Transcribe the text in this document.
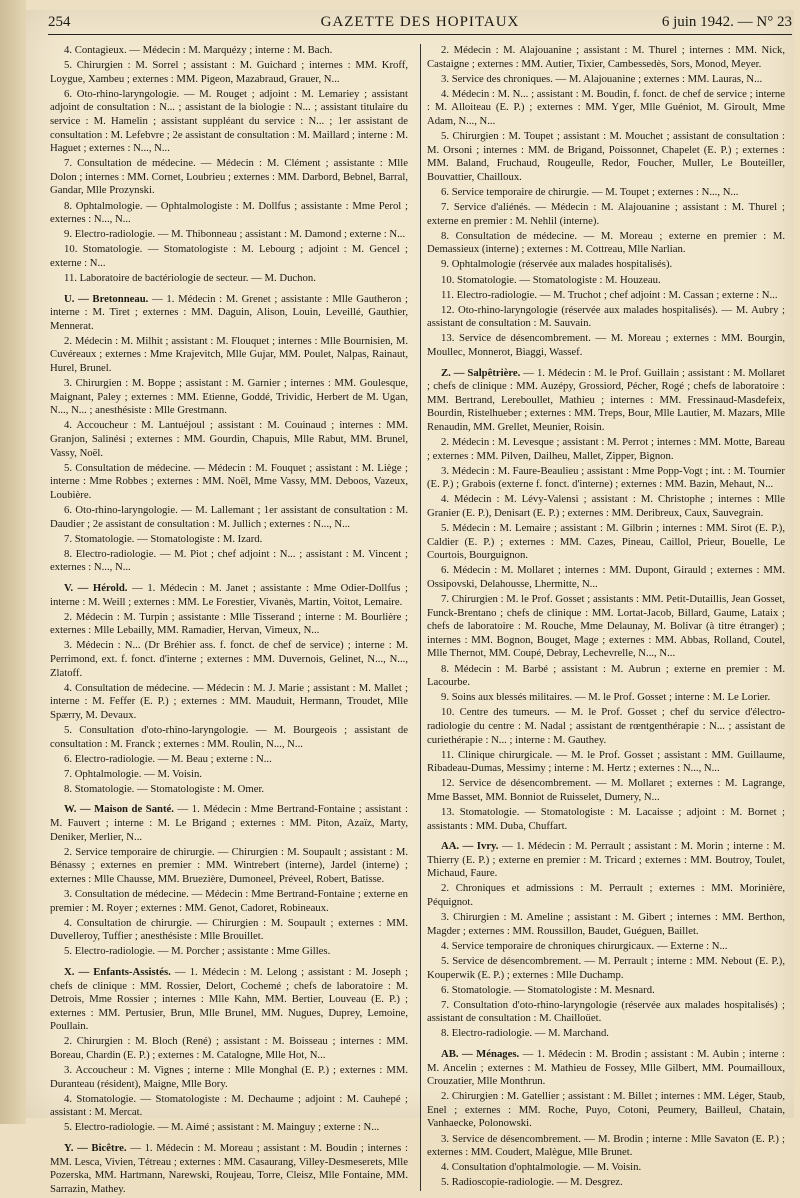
254	GAZETTE DES HOPITAUX	6 juin 1942. — N° 23

4. Contagieux. — Médecin : M. Marquézy ; interne : M. Bach.

5. Chirurgien : M. Sorrel ; assistant : M. Guichard ; internes : MM. Kroff, Loygue, Xambeu ; externes : MM. Pigeon, Mazabraud, Grauer, N...

6. Oto-rhino-laryngologie. — M. Rouget ; adjoint : M. Lemariey ; assistant adjoint de consultation : N... ; assistant de la biologie : N... ; assistant titulaire du service : M. Hamelin ; assistant suppléant du service : N... ; 1er assistant de consultation : M. Lefebvre ; 2e assistant de consultation : M. Maillard ; interne : M. Haguet ; externes : N..., N...

7. Consultation de médecine. — Médecin : M. Clément ; assistante : Mlle Dolon ; internes : MM. Cornet, Loubrieu ; externes : MM. Darbord, Bebnel, Barral, Gandar, Mlle Prozynski.

8. Ophtalmologie. — Ophtalmologiste : M. Dollfus ; assistante : Mme Perol ; externes : N..., N...

9. Electro-radiologie. — M. Thibonneau ; assistant : M. Damond ; externe : N...

10. Stomatologie. — Stomatologiste : M. Lebourg ; adjoint : M. Gencel ; externe : N...

11. Laboratoire de bactériologie de secteur. — M. Duchon.

U. — Bretonneau. — 1. Médecin : M. Grenet ; assistante : Mlle Gautheron ; interne : M. Tiret ; externes : MM. Daguin, Alison, Louin, Leveillé, Gauthier, Mennerat.

2. Médecin : M. Milhit ; assistant : M. Flouquet ; internes : Mlle Bournisien, M. Cuvéreaux ; externes : Mme Krajevitch, Mlle Gujar, MM. Poulet, Nalpas, Rainaut, Hurel, Brunel.

3. Chirurgien : M. Boppe ; assistant : M. Garnier ; internes : MM. Goulesque, Maignant, Paley ; externes : MM. Etienne, Goddé, Trividic, Herbert de M. Ugan, N..., N... ; anesthésiste : Mlle Grestmann.

4. Accoucheur : M. Lantuéjoul ; assistant : M. Couinaud ; internes : MM. Granjon, Salinési ; externes : MM. Gourdin, Chapuis, Mlle Rabut, MM. Brunel, Vassy, Noël.

5. Consultation de médecine. — Médecin : M. Fouquet ; assistant : M. Liège ; interne : Mme Robbes ; externes : MM. Noël, Mme Vassy, MM. Deboos, Vazeux, Loubière.

6. Oto-rhino-laryngologie. — M. Lallemant ; 1er assistant de consultation : M. Daudier ; 2e assistant de consultation : M. Jullich ; externes : N..., N...

7. Stomatologie. — Stomatologiste : M. Izard.

8. Electro-radiologie. — M. Piot ; chef adjoint : N... ; assistant : M. Vincent ; externes : N..., N...

V. — Hérold. — 1. Médecin : M. Janet ; assistante : Mme Odier-Dollfus ; interne : M. Weill ; externes : MM. Le Forestier, Vivanès, Martin, Voitot, Lemaire.

2. Médecin : M. Turpin ; assistante : Mlle Tisserand ; interne : M. Bourlière ; externes : Mlle Lebailly, MM. Ramadier, Hervan, Vimeux, N...

3. Médecin : N... (Dr Bréhier ass. f. fonct. de chef de service) ; interne : M. Perrimond, ext. f. fonct. d'interne ; externes : MM. Duvernois, Gelinet, N..., N..., Zlatoff.

4. Consultation de médecine. — Médecin : M. J. Marie ; assistant : M. Mallet ; interne : M. Feffer (E. P.) ; externes : MM. Mauduit, Hermann, Troudet, Mlle Spærry, M. Devaux.

5. Consultation d'oto-rhino-laryngologie. — M. Bourgeois ; assistant de consultation : M. Franck ; externes : MM. Roulin, N..., N...

6. Electro-radiologie. — M. Beau ; externe : N...

7. Ophtalmologie. — M. Voisin.

8. Stomatologie. — Stomatologiste : M. Omer.

W. — Maison de Santé. — 1. Médecin : Mme Bertrand-Fontaine ; assistant : M. Fauvert ; interne : M. Le Brigand ; externes : MM. Piton, Azaïz, Marty, Deniker, Merlier, N...

2. Service temporaire de chirurgie. — Chirurgien : M. Soupault ; assistant : M. Bénassy ; externes en premier : MM. Wintrebert (interne), Jardel (interne) ; externes : Mlle Chausse, MM. Bruezière, Dumoneel, Préveel, Robert, Batisse.

3. Consultation de médecine. — Médecin : Mme Bertrand-Fontaine ; externe en premier : M. Royer ; externes : MM. Genot, Cadoret, Robineaux.

4. Consultation de chirurgie. — Chirurgien : M. Soupault ; externes : MM. Duvelleroy, Tuffier ; anesthésiste : Mlle Brouillet.

5. Electro-radiologie. — M. Porcher ; assistante : Mme Gilles.

X. — Enfants-Assistés. — 1. Médecin : M. Lelong ; assistant : M. Joseph ; chefs de clinique : MM. Rossier, Delort, Cochemé ; chefs de laboratoire : M. Detrois, Mme Rossier ; internes : Mlle Kahn, MM. Bertier, Louveau (E. P.) ; externes : MM. Pertusier, Brun, Mlle Brunel, MM. Nugues, Duprey, Lemoine, Poullain.

2. Chirurgien : M. Bloch (René) ; assistant : M. Boisseau ; internes : MM. Boreau, Chardin (E. P.) ; externes : M. Catalogne, Mlle Hot, N...

3. Accoucheur : M. Vignes ; interne : Mlle Monghal (E. P.) ; externes : MM. Duranteau (résident), Maigne, Mlle Bory.

4. Stomatologie. — Stomatologiste : M. Dechaume ; adjoint : M. Cauhepé ; assistant : M. Mercat.

5. Electro-radiologie. — M. Aimé ; assistant : M. Mainguy ; externe : N...

Y. — Bicêtre. — 1. Médecin : M. Moreau ; assistant : M. Boudin ; internes : MM. Lesca, Vivien, Tétreau ; externes : MM. Casaurang, Villey-Desmeserets, Mlle Pozerska, MM. Hartmann, Narewski, Roujeau, Torre, Cleisz, Mlle Fontaine, MM. Sarrazin, Mathey.

2. Médecin : M. Alajouanine ; assistant : M. Thurel ; internes : MM. Nick, Castaigne ; externes : MM. Autier, Tixier, Cambessedès, Sors, Monod, Meyer.

3. Service des chroniques. — M. Alajouanine ; externes : MM. Lauras, N...

4. Médecin : M. N... ; assistant : M. Boudin, f. fonct. de chef de service ; interne : M. Alloiteau (E. P.) ; externes : MM. Yger, Mlle Guéniot, M. Giroult, Mme Adam, N..., N...

5. Chirurgien : M. Toupet ; assistant : M. Mouchet ; assistant de consultation : M. Orsoni ; internes : MM. de Brigand, Poissonnet, Chapelet (E. P.) ; externes : MM. Baland, Fruchaud, Rougeulle, Redor, Foucher, Muller, Le Bouteiller, Bouvattier, Chailloux.

6. Service temporaire de chirurgie. — M. Toupet ; externes : N..., N...

7. Service d'aliénés. — Médecin : M. Alajouanine ; assistant : M. Thurel ; externe en premier : M. Nehlil (interne).

8. Consultation de médecine. — M. Moreau ; externe en premier : M. Demassieux (interne) ; externes : M. Cottreau, Mlle Narlian.

9. Ophtalmologie (réservée aux malades hospitalisés).

10. Stomatologie. — Stomatologiste : M. Houzeau.

11. Electro-radiologie. — M. Truchot ; chef adjoint : M. Cassan ; externe : N...

12. Oto-rhino-laryngologie (réservée aux malades hospitalisés). — M. Aubry ; assistant de consultation : M. Sauvain.

13. Service de désencombrement. — M. Moreau ; externes : MM. Bourgin, Moullec, Monnerot, Biaggi, Wassef.

Z. — Salpêtrière. — 1. Médecin : M. le Prof. Guillain ; assistant : M. Mollaret ; chefs de clinique : MM. Auzépy, Grossiord, Pécher, Rogé ; chefs de laboratoire : MM. Bertrand, Lereboullet, Mathieu ; internes : MM. Fressinaud-Masdefeix, Bourdin, Ristelhueber ; externes : MM. Treps, Bour, Mlle Lautier, M. Mazars, Mlle Renaudin, MM. Grellet, Meunier, Roisin.

2. Médecin : M. Levesque ; assistant : M. Perrot ; internes : MM. Motte, Bareau ; externes : MM. Pilven, Dailheu, Mallet, Zipper, Bignon.

3. Médecin : M. Faure-Beaulieu ; assistant : Mme Popp-Vogt ; int. : M. Tournier (E. P.) ; Grabois (externe f. fonct. d'interne) ; externes : MM. Bazin, Mehaut, N...

4. Médecin : M. Lévy-Valensi ; assistant : M. Christophe ; internes : Mlle Granier (E. P.), Denisart (E. P.) ; externes : MM. Deribreux, Caux, Sauvegrain.

5. Médecin : M. Lemaire ; assistant : M. Gilbrin ; internes : MM. Sirot (E. P.), Caldier (E. P.) ; externes : MM. Cazes, Pineau, Caillol, Prieur, Bouelle, Le Courtois, Bourguignon.

6. Médecin : M. Mollaret ; internes : MM. Dupont, Girauld ; externes : MM. Ossipovski, Delahousse, Lhermitte, N...

7. Chirurgien : M. le Prof. Gosset ; assistants : MM. Petit-Dutaillis, Jean Gosset, Funck-Brentano ; chefs de clinique : MM. Lortat-Jacob, Billard, Gaume, Lataix ; chefs de laboratoire : M. Rouche, Mme Delaunay, M. Bolivar (à titre étranger) ; internes : MM. Bognon, Bouget, Mage ; externes : MM. Abbas, Rolland, Coutel, Mlle Thernot, MM. Coupé, Debray, Lechevrelle, N..., N...

8. Médecin : M. Barbé ; assistant : M. Aubrun ; externe en premier : M. Lacourbe.

9. Soins aux blessés militaires. — M. le Prof. Gosset ; interne : M. Le Lorier.

10. Centre des tumeurs. — M. le Prof. Gosset ; chef du service d'électro-radiologie du centre : M. Nadal ; assistant de rœntgenthérapie : N... ; assistant de curiethérapie : N... ; interne : M. Gauthey.

11. Clinique chirurgicale. — M. le Prof. Gosset ; assistant : MM. Guillaume, Ribadeau-Dumas, Messimy ; interne : M. Hertz ; externes : N..., N...

12. Service de désencombrement. — M. Mollaret ; externes : M. Lagrange, Mme Basset, MM. Bonniot de Ruisselet, Dumery, N...

13. Stomatologie. — Stomatologiste : M. Lacaisse ; adjoint : M. Bornet ; assistants : MM. Duba, Chuffart.

AA. — Ivry. — 1. Médecin : M. Perrault ; assistant : M. Morin ; interne : M. Thierry (E. P.) ; externe en premier : M. Tricard ; externes : MM. Boutroy, Toulet, Michaud, Faure.

2. Chroniques et admissions : M. Perrault ; externes : MM. Morinière, Péquignot.

3. Chirurgien : M. Ameline ; assistant : M. Gibert ; internes : MM. Berthon, Magder ; externes : MM. Roussillon, Baudet, Guéguen, Baillet.

4. Service temporaire de chroniques chirurgicaux. — Externe : N...

5. Service de désencombrement. — M. Perrault ; interne : MM. Nebout (E. P.), Kouperwik (E. P.) ; externes : Mlle Duchamp.

6. Stomatologie. — Stomatologiste : M. Mesnard.

7. Consultation d'oto-rhino-laryngologie (réservée aux malades hospitalisés) ; assistant de consultation : M. Chailloüet.

8. Electro-radiologie. — M. Marchand.

AB. — Ménages. — 1. Médecin : M. Brodin ; assistant : M. Aubin ; interne : M. Ancelin ; externes : M. Mathieu de Fossey, Mlle Gilbert, MM. Poumailloux, Crouzatier, Mlle Monthrun.

2. Chirurgien : M. Gatellier ; assistant : M. Billet ; internes : MM. Léger, Staub, Enel ; externes : MM. Roche, Puyo, Cotoni, Peumery, Bailleul, Chatain, Vanhaecke, Polonowski.

3. Service de désencombrement. — M. Brodin ; interne : Mlle Savaton (E. P.) ; externes : MM. Coudert, Malègue, Mlle Brunet.

4. Consultation d'ophtalmologie. — M. Voisin.

5. Radioscopie-radiologie. — M. Desgrez.
